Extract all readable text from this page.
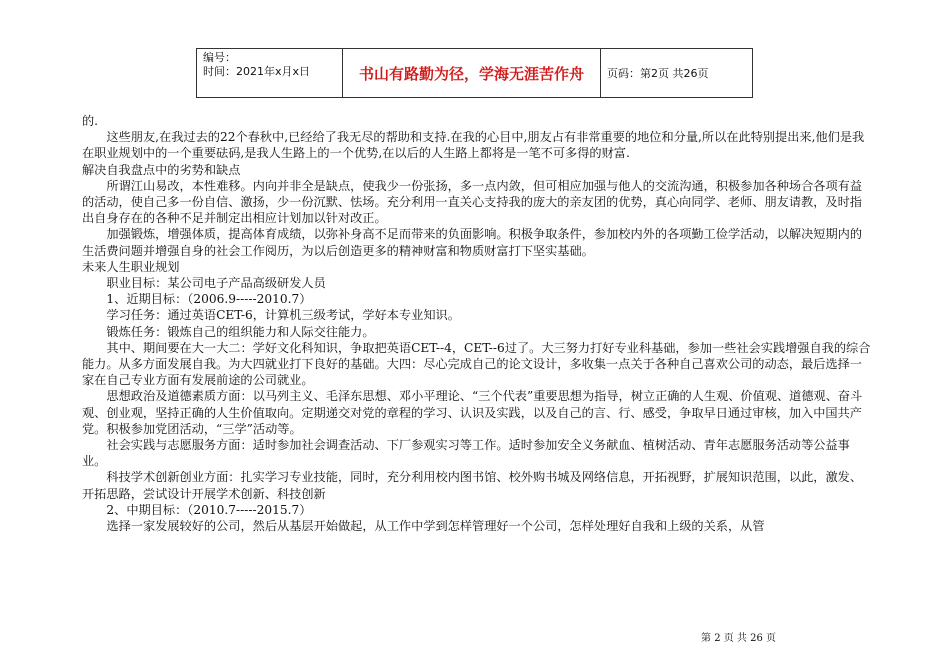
编号：
时间：2021年x月x日	书山有路勤为径，学海无涯苦作舟	页码：第2页 共26页

的.

这些朋友,在我过去的22个春秋中,已经给了我无尽的帮助和支持.在我的心目中,朋友占有非常重要的地位和分量,所以在此特别提出来,他们是我在职业规划中的一个重要砝码,是我人生路上的一个优势,在以后的人生路上都将是一笔不可多得的财富.

解决自我盘点中的劣势和缺点

所谓江山易改，本性难移。内向并非全是缺点，使我少一份张扬，多一点内敛，但可相应加强与他人的交流沟通，积极参加各种场合各项有益的活动，使自己多一份自信、激扬，少一份沉默、怯场。充分利用一直关心支持我的庞大的亲友团的优势，真心向同学、老师、朋友请教，及时指出自身存在的各种不足并制定出相应计划加以针对改正。

加强锻炼，增强体质，提高体育成绩，以弥补身高不足而带来的负面影响。积极争取条件，参加校内外的各项勤工俭学活动，以解决短期内的生活费问题并增强自身的社会工作阅历，为以后创造更多的精神财富和物质财富打下坚实基础。

未来人生职业规划

职业目标：某公司电子产品高级研发人员

1、近期目标：（2006.9-----2010.7）

学习任务：通过英语CET-6，计算机三级考试，学好本专业知识。

锻炼任务：锻炼自己的组织能力和人际交往能力。

其中、期间要在大一大二：学好文化科知识，争取把英语CET--4，CET--6过了。大三努力打好专业科基础，参加一些社会实践增强自我的综合能力。从多方面发展自我。为大四就业打下良好的基础。大四：尽心完成自己的论文设计，多收集一点关于各种自己喜欢公司的动态，最后选择一家在自己专业方面有发展前途的公司就业。

思想政治及道德素质方面：以马列主义、毛泽东思想、邓小平理论、“三个代表”重要思想为指导，树立正确的人生观、价值观、道德观、奋斗观、创业观，坚持正确的人生价值取向。定期递交对党的章程的学习、认识及实践，以及自己的言、行、感受，争取早日通过审核，加入中国共产党。积极参加党团活动，“三学”活动等。

社会实践与志愿服务方面：适时参加社会调查活动、下厂参观实习等工作。适时参加安全义务献血、植树活动、青年志愿服务活动等公益事业。

科技学术创新创业方面：扎实学习专业技能，同时，充分利用校内图书馆、校外购书城及网络信息，开拓视野，扩展知识范围，以此，激发、开拓思路，尝试设计开展学术创新、科技创新

2、中期目标：（2010.7-----2015.7）

选择一家发展较好的公司，然后从基层开始做起，从工作中学到怎样管理好一个公司，怎样处理好自我和上级的关系，从管

第 2 页 共 26 页
